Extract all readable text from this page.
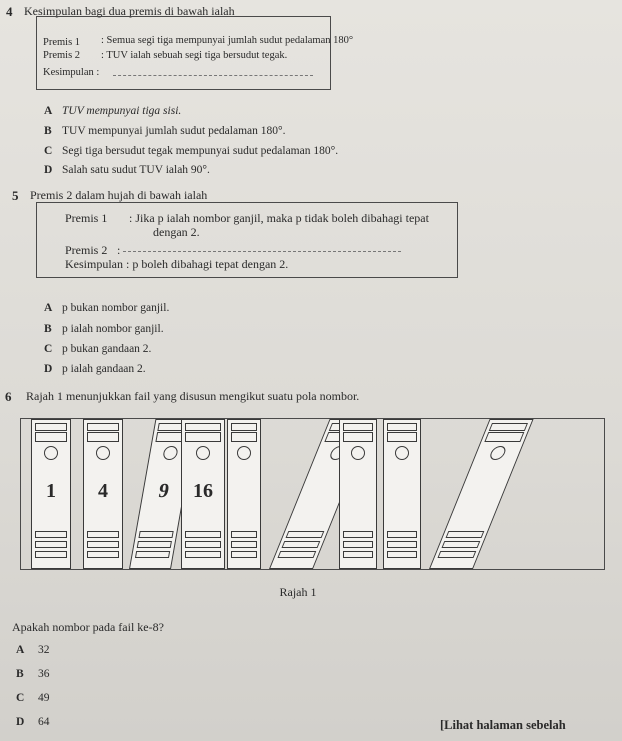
4 Kesimpulan bagi dua premis di bawah ialah
Premis 1 : Semua segi tiga mempunyai jumlah sudut pedalaman 180°
Premis 2 : TUV ialah sebuah segi tiga bersudut tegak.
Kesimpulan :
A TUV mempunyai tiga sisi.
B TUV mempunyai jumlah sudut pedalaman 180°.
C Segi tiga bersudut tegak mempunyai sudut pedalaman 180°.
D Salah satu sudut TUV ialah 90°.
5 Premis 2 dalam hujah di bawah ialah
Premis 1 : Jika p ialah nombor ganjil, maka p tidak boleh dibahagi tepat
dengan 2.
Premis 2 :
Kesimpulan : p boleh dibahagi tepat dengan 2.
A p bukan nombor ganjil.
B p ialah nombor ganjil.
C p bukan gandaan 2.
D p ialah gandaan 2.
6 Rajah 1 menunjukkan fail yang disusun mengikut suatu pola nombor.
1	4	9	16
Rajah 1
Apakah nombor pada fail ke-8?
A 32
B 36
C 49
D 64	[Lihat halaman sebelah
